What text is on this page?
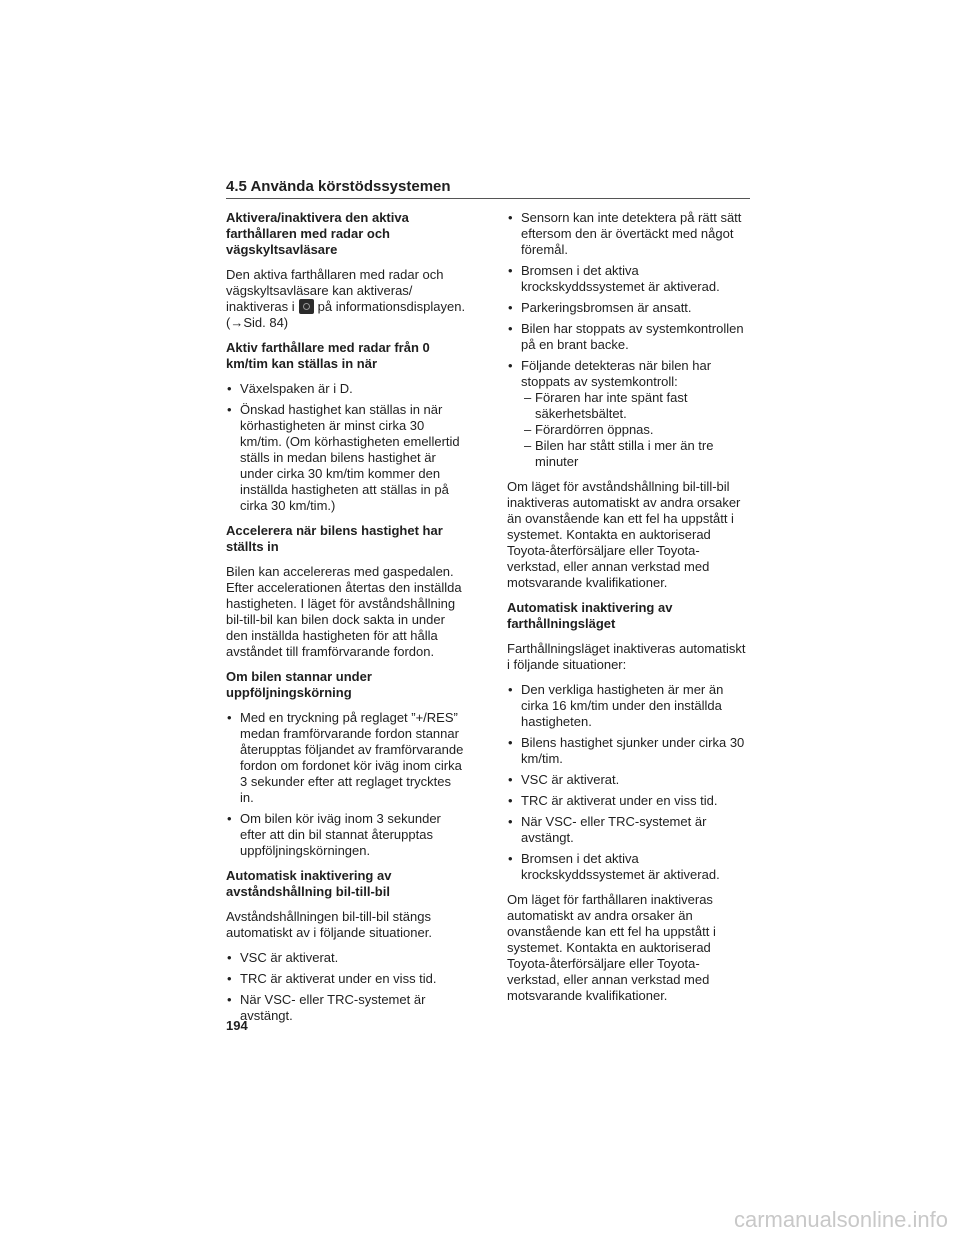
4.5 Använda körstödssystemen
Aktivera/inaktivera den aktiva farthållaren med radar och vägskyltsavläsare
Den aktiva farthållaren med radar och vägskyltsavläsare kan aktiveras/ inaktiveras i på informationsdisplayen. (→Sid. 84)
Aktiv farthållare med radar från 0 km/tim kan ställas in när
• Växelspaken är i D.
• Önskad hastighet kan ställas in när körhastigheten är minst cirka 30 km/tim. (Om körhastigheten emellertid ställs in medan bilens hastighet är under cirka 30 km/tim kommer den inställda hastigheten att ställas in på cirka 30 km/tim.)
Accelerera när bilens hastighet har ställts in
Bilen kan accelereras med gaspedalen. Efter accelerationen återtas den inställda hastigheten. I läget för avståndshållning bil-till-bil kan bilen dock sakta in under den inställda hastigheten för att hålla avståndet till framförvarande fordon.
Om bilen stannar under uppföljningskörning
• Med en tryckning på reglaget ”+/RES” medan framförvarande fordon stannar återupptas följandet av framförvarande fordon om fordonet kör iväg inom cirka 3 sekunder efter att reglaget trycktes in.
• Om bilen kör iväg inom 3 sekunder efter att din bil stannat återupptas uppföljningskörningen.
Automatisk inaktivering av avståndshållning bil-till-bil
Avståndshållningen bil-till-bil stängs automatiskt av i följande situationer.
• VSC är aktiverat.
• TRC är aktiverat under en viss tid.
• När VSC- eller TRC-systemet är avstängt.
• Sensorn kan inte detektera på rätt sätt eftersom den är övertäckt med något föremål.
• Bromsen i det aktiva krockskyddssystemet är aktiverad.
• Parkeringsbromsen är ansatt.
• Bilen har stoppats av systemkontrollen på en brant backe.
• Följande detekteras när bilen har stoppats av systemkontroll:
– Föraren har inte spänt fast säkerhetsbältet.
– Förardörren öppnas.
– Bilen har stått stilla i mer än tre minuter
Om läget för avståndshållning bil-till-bil inaktiveras automatiskt av andra orsaker än ovanstående kan ett fel ha uppstått i systemet. Kontakta en auktoriserad Toyota-återförsäljare eller Toyota-verkstad, eller annan verkstad med motsvarande kvalifikationer.
Automatisk inaktivering av farthållningsläget
Farthållningsläget inaktiveras automatiskt i följande situationer:
• Den verkliga hastigheten är mer än cirka 16 km/tim under den inställda hastigheten.
• Bilens hastighet sjunker under cirka 30 km/tim.
• VSC är aktiverat.
• TRC är aktiverat under en viss tid.
• När VSC- eller TRC-systemet är avstängt.
• Bromsen i det aktiva krockskyddssystemet är aktiverad.
Om läget för farthållaren inaktiveras automatiskt av andra orsaker än ovanstående kan ett fel ha uppstått i systemet. Kontakta en auktoriserad Toyota-återförsäljare eller Toyota-verkstad, eller annan verkstad med motsvarande kvalifikationer.
194
carmanualsonline.info
